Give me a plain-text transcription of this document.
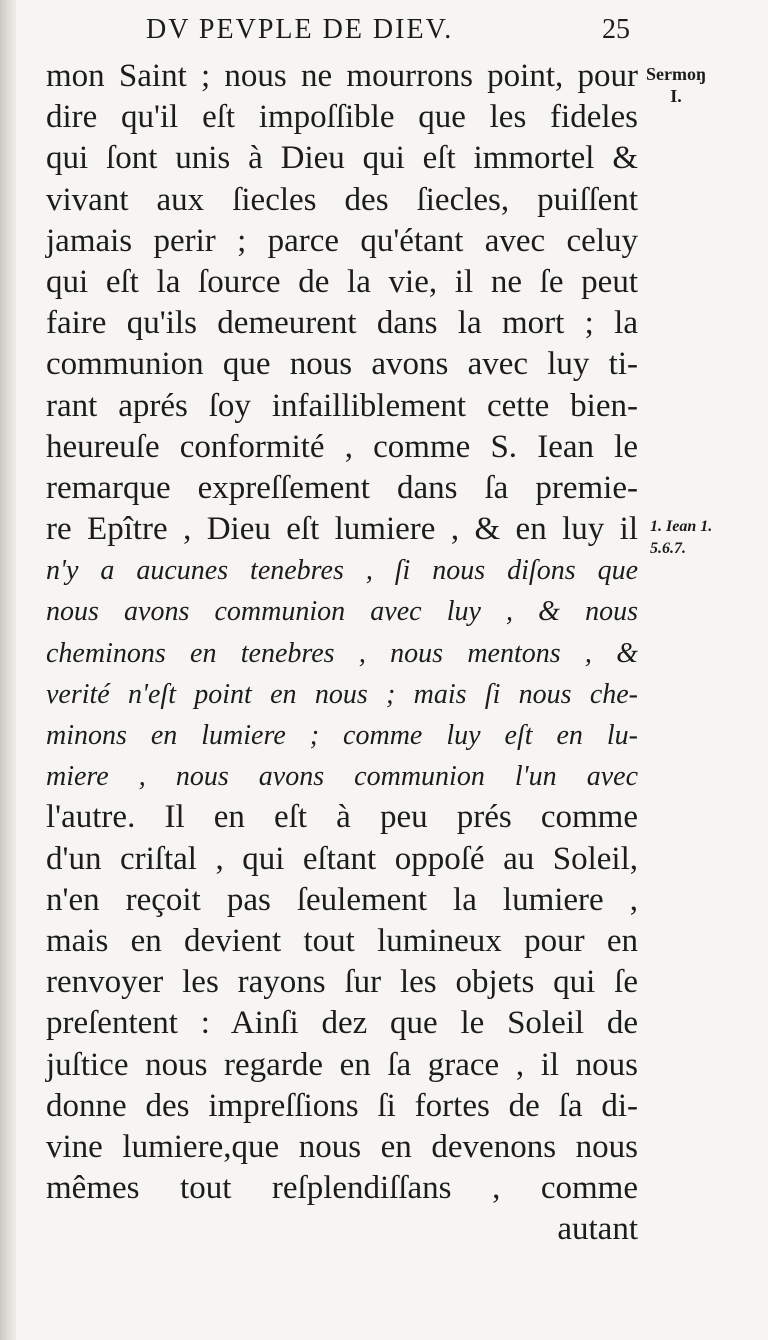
DV PEVPLE DE DIEV.	25
Sermoŋ
I.
1. Iean 1.
5.6.7.
mon Saint ; nous ne mourrons point, pour
dire qu'il eſt impoſſible que les fideles
qui ſont unis à Dieu qui eſt immortel &
vivant aux ſiecles des ſiecles, puiſſent
jamais perir ; parce qu'étant avec celuy
qui eſt la ſource de la vie, il ne ſe peut
faire qu'ils demeurent dans la mort ; la
communion que nous avons avec luy ti-
rant aprés ſoy infailliblement cette bien-
heureuſe conformité , comme S. Iean le
remarque expreſſement dans ſa premie-
re Epître , Dieu eſt lumiere , & en luy il
n'y a aucunes tenebres , ſi nous diſons que
nous avons communion avec luy , & nous
cheminons en tenebres , nous mentons , &
verité n'eſt point en nous ; mais ſi nous che-
minons en lumiere ; comme luy eſt en lu-
miere , nous avons communion l'un avec
l'autre. Il en eſt à peu prés comme
d'un criſtal , qui eſtant oppoſé au Soleil,
n'en reçoit pas ſeulement la lumiere ,
mais en devient tout lumineux pour en
renvoyer les rayons ſur les objets qui ſe
preſentent : Ainſi dez que le Soleil de
juſtice nous regarde en ſa grace , il nous
donne des impreſſions ſi fortes de ſa di-
vine lumiere,que nous en devenons nous
mêmes tout reſplendiſſans , comme
autant
